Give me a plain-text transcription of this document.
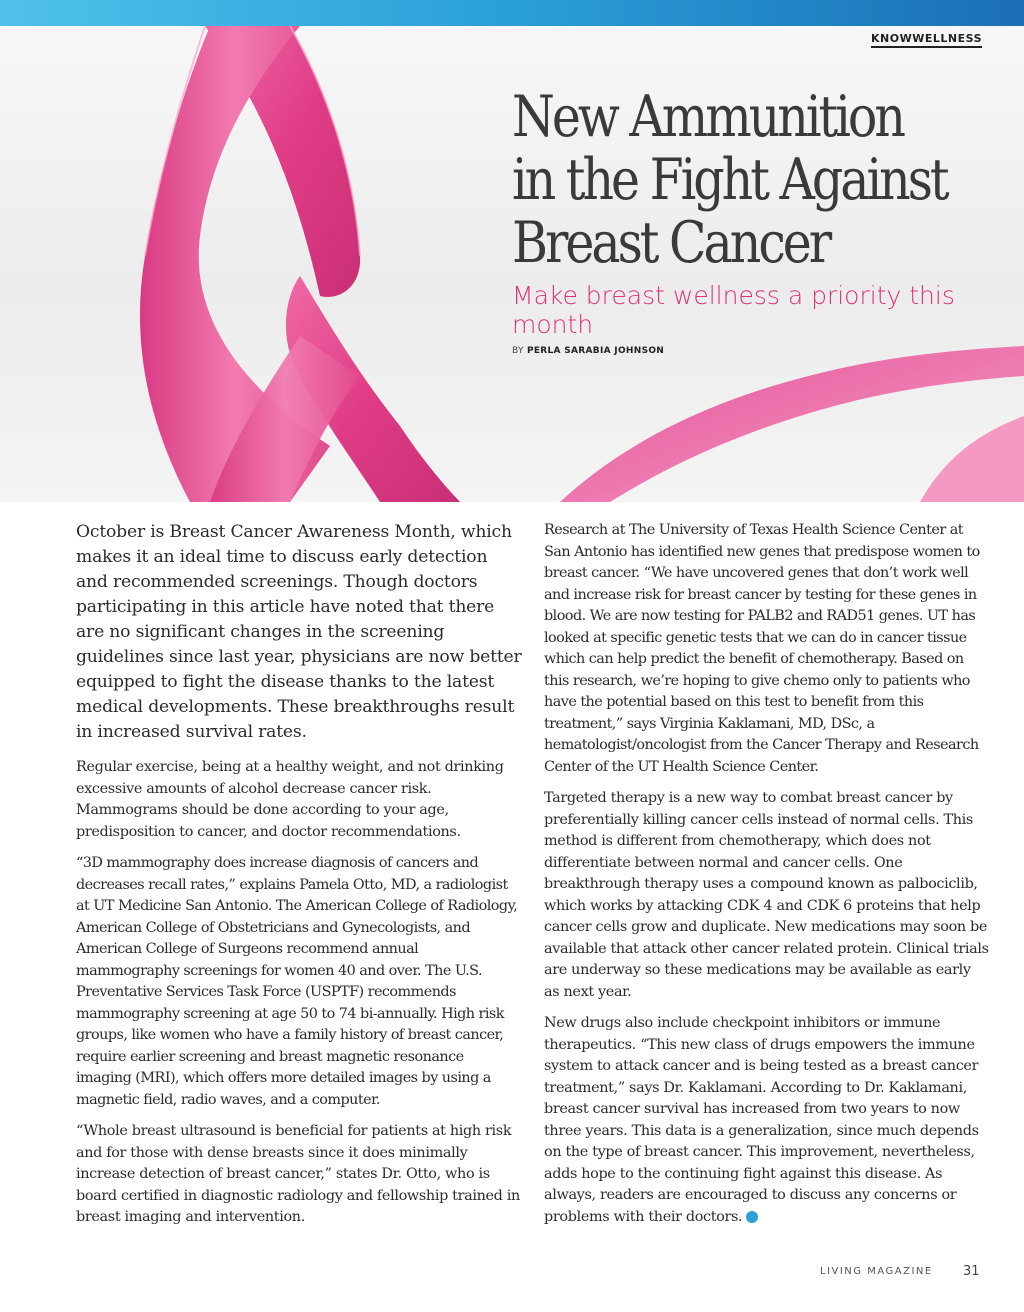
KNOWWELLNESS
New Ammunition
in the Fight Against
Breast Cancer
Make breast wellness a priority this month
BY PERLA SARABIA JOHNSON

October is Breast Cancer Awareness Month, which makes it an ideal time to discuss early detection and recommended screenings. Though doctors participating in this article have noted that there are no significant changes in the screening guidelines since last year, physicians are now better equipped to fight the disease thanks to the latest medical developments. These breakthroughs result in increased survival rates.

Regular exercise, being at a healthy weight, and not drinking excessive amounts of alcohol decrease cancer risk. Mammograms should be done according to your age, predisposition to cancer, and doctor recommendations.

“3D mammography does increase diagnosis of cancers and decreases recall rates,” explains Pamela Otto, MD, a radiologist at UT Medicine San Antonio. The American College of Radiology, American College of Obstetricians and Gynecologists, and American College of Surgeons recommend annual mammography screenings for women 40 and over. The U.S. Preventative Services Task Force (USPTF) recommends mammography screening at age 50 to 74 bi-annually. High risk groups, like women who have a family history of breast cancer, require earlier screening and breast magnetic resonance imaging (MRI), which offers more detailed images by using a magnetic field, radio waves, and a computer.

“Whole breast ultrasound is beneficial for patients at high risk and for those with dense breasts since it does minimally increase detection of breast cancer,” states Dr. Otto, who is board certified in diagnostic radiology and fellowship trained in breast imaging and intervention.

Research at The University of Texas Health Science Center at San Antonio has identified new genes that predispose women to breast cancer. “We have uncovered genes that don’t work well and increase risk for breast cancer by testing for these genes in blood. We are now testing for PALB2 and RAD51 genes. UT has looked at specific genetic tests that we can do in cancer tissue which can help predict the benefit of chemotherapy. Based on this research, we’re hoping to give chemo only to patients who have the potential based on this test to benefit from this treatment,” says Virginia Kaklamani, MD, DSc, a hematologist/oncologist from the Cancer Therapy and Research Center of the UT Health Science Center.

Targeted therapy is a new way to combat breast cancer by preferentially killing cancer cells instead of normal cells. This method is different from chemotherapy, which does not differentiate between normal and cancer cells. One breakthrough therapy uses a compound known as palbociclib, which works by attacking CDK 4 and CDK 6 proteins that help cancer cells grow and duplicate. New medications may soon be available that attack other cancer related protein. Clinical trials are underway so these medications may be available as early as next year.

New drugs also include checkpoint inhibitors or immune therapeutics. “This new class of drugs empowers the immune system to attack cancer and is being tested as a breast cancer treatment,” says Dr. Kaklamani. According to Dr. Kaklamani, breast cancer survival has increased from two years to now three years. This data is a generalization, since much depends on the type of breast cancer. This improvement, nevertheless, adds hope to the continuing fight against this disease. As always, readers are encouraged to discuss any concerns or problems with their doctors.

LIVING MAGAZINE 31
